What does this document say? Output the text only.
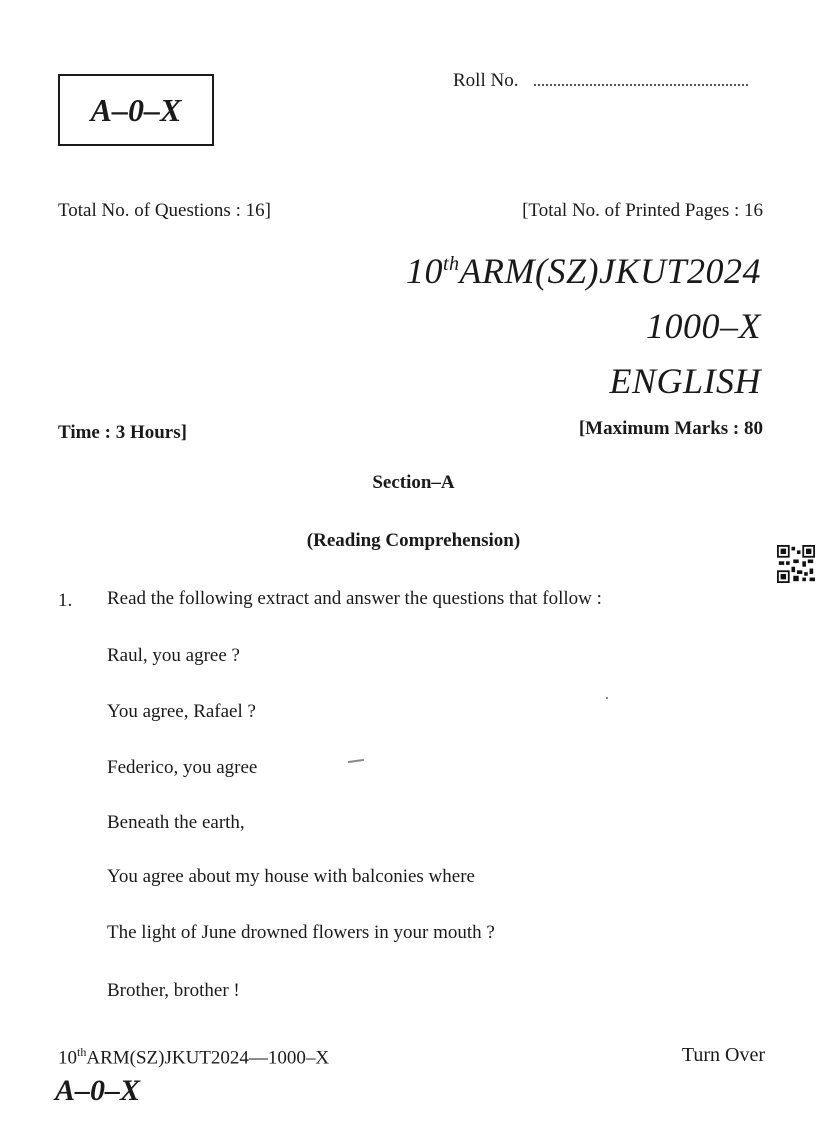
A–0–X
Roll No.
Total No. of Questions : 16]	[Total No. of Printed Pages : 16
10thARM(SZ)JKUT2024
1000–X
ENGLISH
Time : 3 Hours]	[Maximum Marks : 80
Section–A
(Reading Comprehension)
1. Read the following extract and answer the questions that follow :
Raul, you agree ?
You agree, Rafael ?
Federico, you agree
Beneath the earth,
You agree about my house with balconies where
The light of June drowned flowers in your mouth ?
Brother, brother !
10thARM(SZ)JKUT2024—1000–X	Turn Over
A–0–X
